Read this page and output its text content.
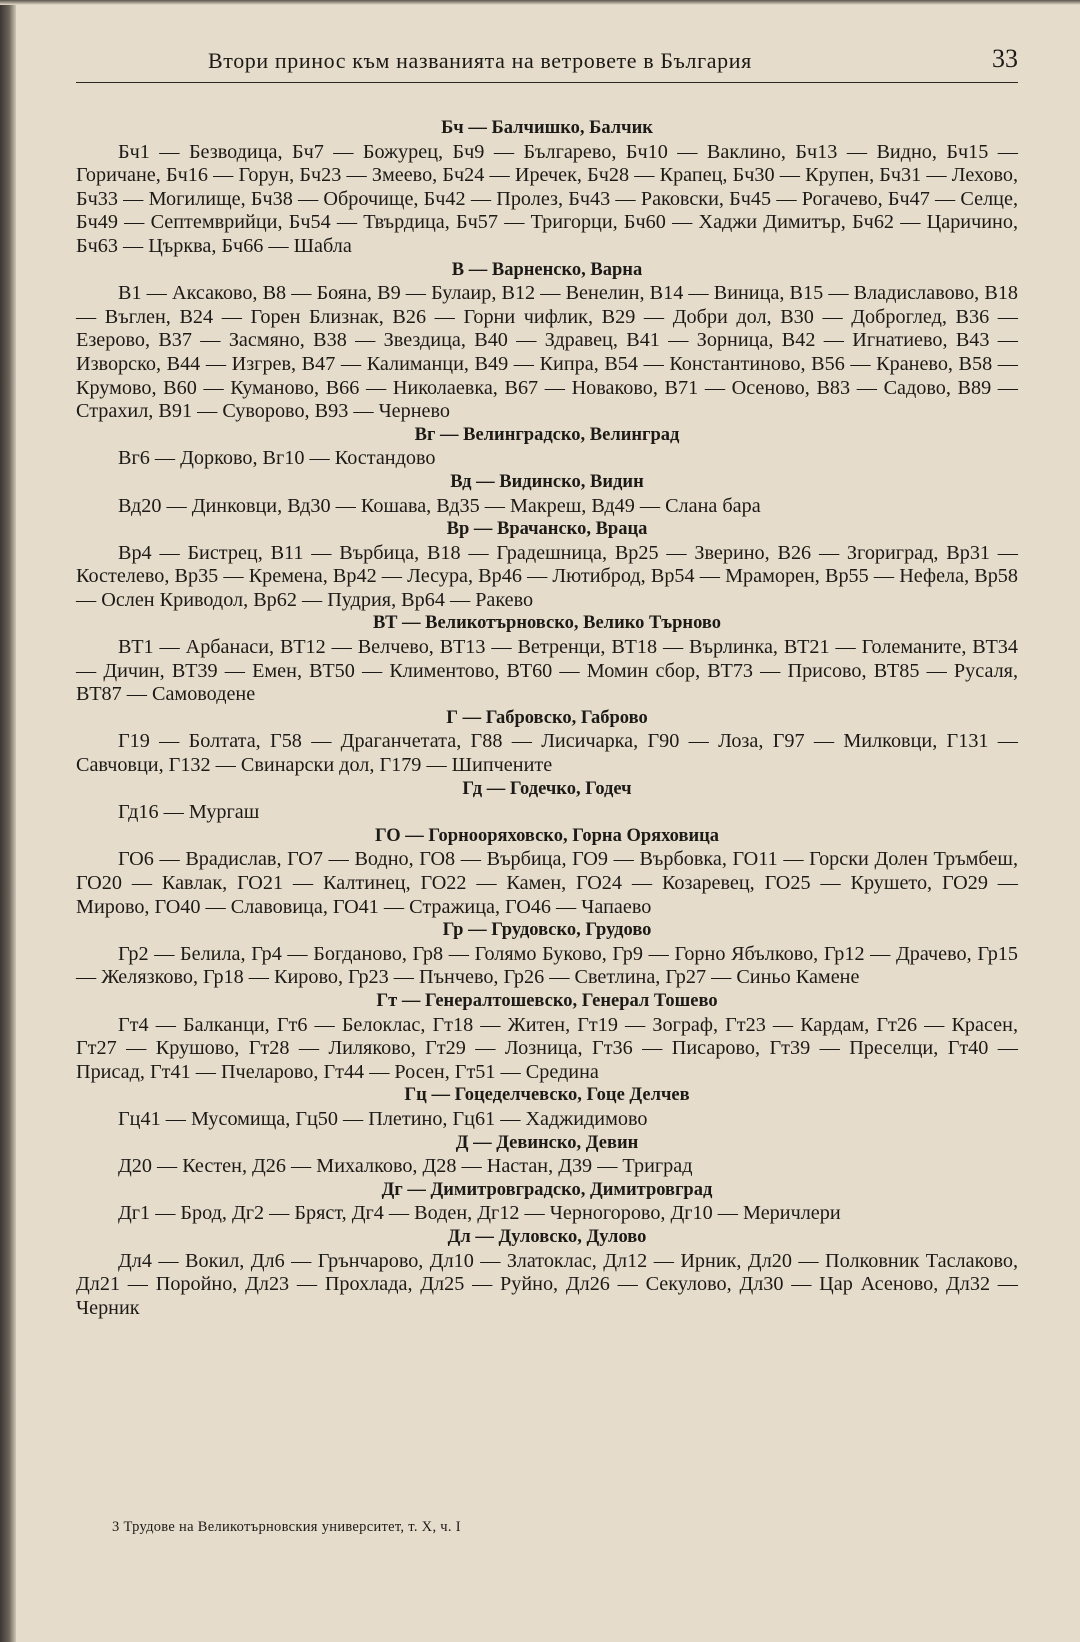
Втори принос към названията на ветровете в България	33
Бч — Балчишко, Балчик
Бч1 — Безводица, Бч7 — Божурец, Бч9 — Българево, Бч10 — Ваклино, Бч13 — Видно, Бч15 — Горичане, Бч16 — Горун, Бч23 — Змеево, Бч24 — Иречек, Бч28 — Крапец, Бч30 — Крупен, Бч31 — Лехово, Бч33 — Могилище, Бч38 — Оброчище, Бч42 — Пролез, Бч43 — Раковски, Бч45 — Рогачево, Бч47 — Селце, Бч49 — Септемврийци, Бч54 — Твърдица, Бч57 — Тригорци, Бч60 — Хаджи Димитър, Бч62 — Царичино, Бч63 — Църква, Бч66 — Шабла
В — Варненско, Варна
В1 — Аксаково, В8 — Бояна, В9 — Булаир, В12 — Венелин, В14 — Виница, В15 — Владиславово, В18 — Въглен, В24 — Горен Близнак, В26 — Горни чифлик, В29 — Добри дол, В30 — Доброглед, В36 — Езерово, В37 — Засмяно, В38 — Звездица, В40 — Здравец, В41 — Зорница, В42 — Игнатиево, В43 — Изворско, В44 — Изгрев, В47 — Калиманци, В49 — Кипра, В54 — Константиново, В56 — Кранево, В58 — Крумово, В60 — Куманово, В66 — Николаевка, В67 — Новаково, В71 — Осеново, В83 — Садово, В89 — Страхил, В91 — Суворово, В93 — Чернево
Вг — Велинградско, Велинград
Вг6 — Дорково, Вг10 — Костандово
Вд — Видинско, Видин
Вд20 — Динковци, Вд30 — Кошава, Вд35 — Макреш, Вд49 — Слана бара
Вр — Врачанско, Враца
Вр4 — Бистрец, В11 — Върбица, В18 — Градешница, Вр25 — Зверино, В26 — Згориград, Вр31 — Костелево, Вр35 — Кремена, Вр42 — Лесура, Вр46 — Лютиброд, Вр54 — Мраморен, Вр55 — Нефела, Вр58 — Ослен Криводол, Вр62 — Пудрия, Вр64 — Ракево
ВТ — Великотърновско, Велико Търново
ВТ1 — Арбанаси, ВТ12 — Велчево, ВТ13 — Ветренци, ВТ18 — Върлинка, ВТ21 — Големаните, ВТ34 — Дичин, ВТ39 — Емен, ВТ50 — Климентово, ВТ60 — Момин сбор, ВТ73 — Присово, ВТ85 — Русаля, ВТ87 — Самоводене
Г — Габровско, Габрово
Г19 — Болтата, Г58 — Драганчетата, Г88 — Лисичарка, Г90 — Лоза, Г97 — Милковци, Г131 — Савчовци, Г132 — Свинарски дол, Г179 — Шипчените
Гд — Годечко, Годеч
Гд16 — Мургаш
ГО — Горнооряховско, Горна Оряховица
ГО6 — Врадислав, ГО7 — Водно, ГО8 — Върбица, ГО9 — Върбовка, ГО11 — Горски Долен Тръмбеш, ГО20 — Кавлак, ГО21 — Калтинец, ГО22 — Камен, ГО24 — Козаревец, ГО25 — Крушето, ГО29 — Мирово, ГО40 — Славовица, ГО41 — Стражица, ГО46 — Чапаево
Гр — Грудовско, Грудово
Гр2 — Белила, Гр4 — Богданово, Гр8 — Голямо Буково, Гр9 — Горно Ябълково, Гр12 — Драчево, Гр15 — Желязково, Гр18 — Кирово, Гр23 — Пънчево, Гр26 — Светлина, Гр27 — Синьо Камене
Гт — Генералтошевско, Генерал Тошево
Гт4 — Балканци, Гт6 — Белоклас, Гт18 — Житен, Гт19 — Зограф, Гт23 — Кардам, Гт26 — Красен, Гт27 — Крушово, Гт28 — Лиляково, Гт29 — Лозница, Гт36 — Писарово, Гт39 — Преселци, Гт40 — Присад, Гт41 — Пчеларово, Гт44 — Росен, Гт51 — Средина
Гц — Гоцеделчевско, Гоце Делчев
Гц41 — Мусомища, Гц50 — Плетино, Гц61 — Хаджидимово
Д — Девинско, Девин
Д20 — Кестен, Д26 — Михалково, Д28 — Настан, Д39 — Триград
Дг — Димитровградско, Димитровград
Дг1 — Брод, Дг2 — Бряст, Дг4 — Воден, Дг12 — Черногорово, Дг10 — Меричлери
Дл — Дуловско, Дулово
Дл4 — Вокил, Дл6 — Грънчарово, Дл10 — Златоклас, Дл12 — Ирник, Дл20 — Полковник Таслаково, Дл21 — Поройно, Дл23 — Прохлада, Дл25 — Руйно, Дл26 — Секулово, Дл30 — Цар Асеново, Дл32 — Черник
3 Трудове на Великотърновския университет, т. Х, ч. I
